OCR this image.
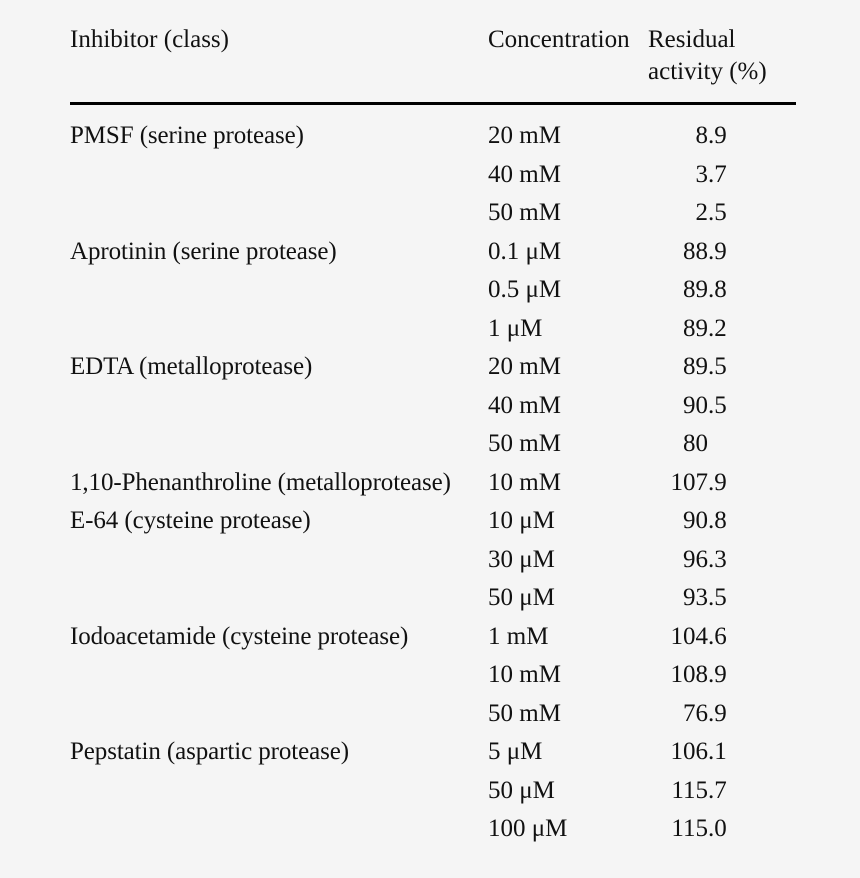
Inhibitor (class)	Concentration	Residual
activity (%)

PMSF (serine protease)	20 mM	8.9
	40 mM	3.7
	50 mM	2.5
Aprotinin (serine protease)	0.1 μM	88.9
	0.5 μM	89.8
	1 μM	89.2
EDTA (metalloprotease)	20 mM	89.5
	40 mM	90.5
	50 mM	80
1,10-Phenanthroline (metalloprotease)	10 mM	107.9
E-64 (cysteine protease)	10 μM	90.8
	30 μM	96.3
	50 μM	93.5
Iodoacetamide (cysteine protease)	1 mM	104.6
	10 mM	108.9
	50 mM	76.9
Pepstatin (aspartic protease)	5 μM	106.1
	50 μM	115.7
	100 μM	115.0
